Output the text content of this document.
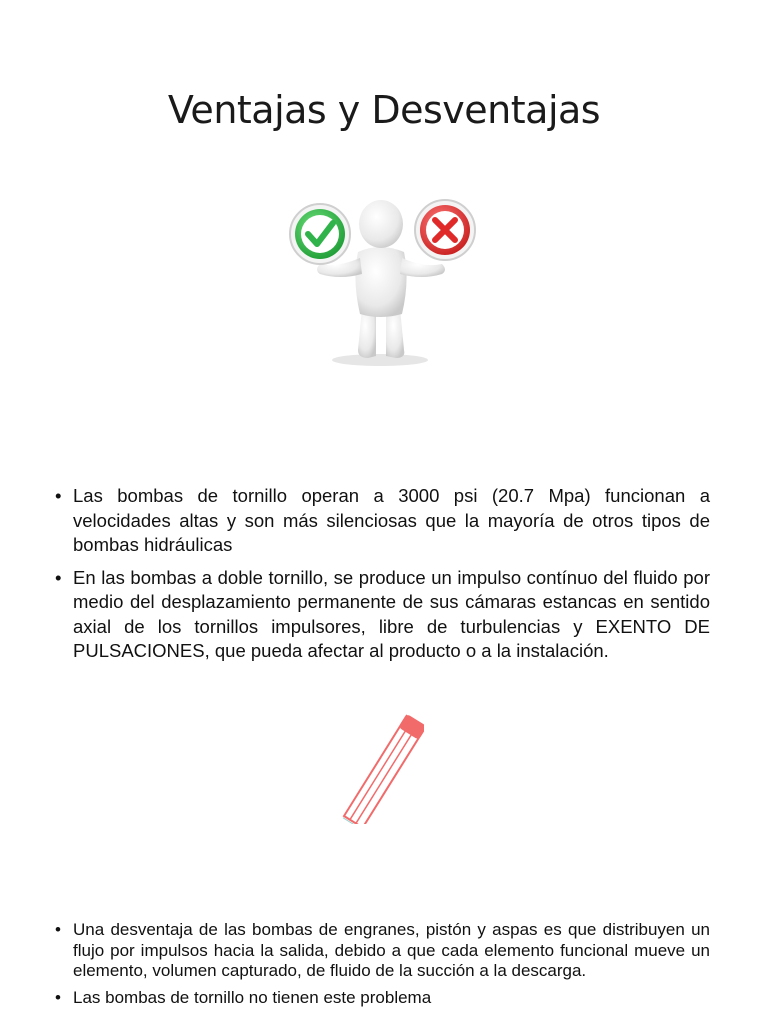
Ventajas y Desventajas
• Las bombas de tornillo operan a 3000 psi (20.7 Mpa) funcionan a velocidades altas y son más silenciosas que la mayoría de otros tipos de bombas hidráulicas
• En las bombas a doble tornillo, se produce un impulso contínuo del fluido por medio del desplazamiento permanente de sus cámaras estancas en sentido axial de los tornillos impulsores, libre de turbulencias y EXENTO DE PULSACIONES, que pueda afectar al producto o a la instalación.
• Una desventaja de las bombas de engranes, pistón y aspas es que distribuyen un flujo por impulsos hacia la salida, debido a que cada elemento funcional mueve un elemento, volumen capturado, de fluido de la succión a la descarga.
• Las bombas de tornillo no tienen este problema
